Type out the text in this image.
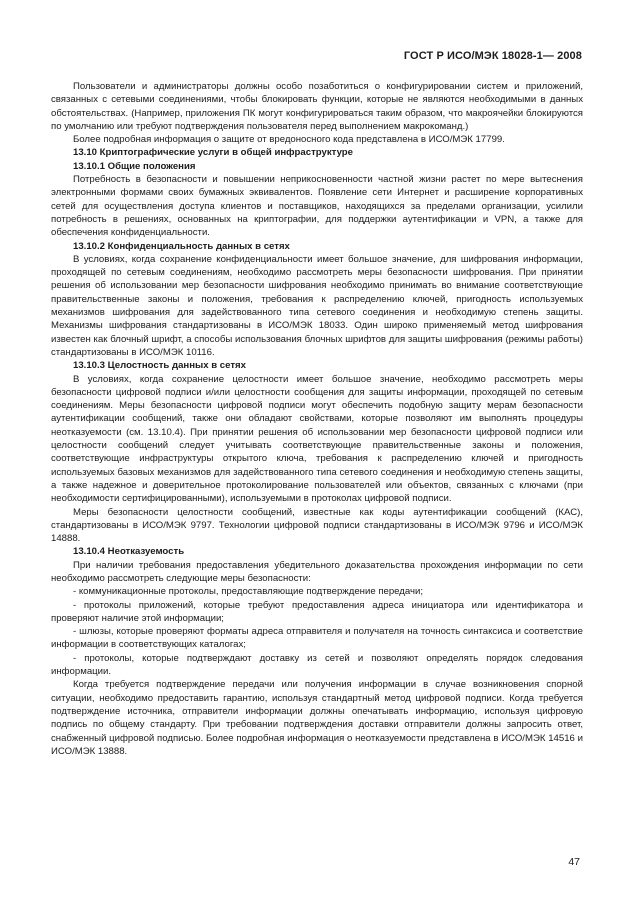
ГОСТ Р ИСО/МЭК 18028-1— 2008

Пользователи и администраторы должны особо позаботиться о конфигурировании систем и приложений, связанных с сетевыми соединениями, чтобы блокировать функции, которые не являются необходимыми в данных обстоятельствах. (Например, приложения ПК могут конфигурироваться таким образом, что макроячейки блокируются по умолчанию или требуют подтверждения пользователя перед выполнением макрокоманд.)

Более подробная информация о защите от вредоносного кода представлена в ИСО/МЭК 17799.

13.10 Криптографические услуги в общей инфраструктуре

13.10.1 Общие положения

Потребность в безопасности и повышении неприкосновенности частной жизни растет по мере вытеснения электронными формами своих бумажных эквивалентов. Появление сети Интернет и расширение корпоративных сетей для осуществления доступа клиентов и поставщиков, находящихся за пределами организации, усилили потребность в решениях, основанных на криптографии, для поддержки аутентификации и VPN, а также для обеспечения конфиденциальности.

13.10.2 Конфиденциальность данных в сетях

В условиях, когда сохранение конфиденциальности имеет большое значение, для шифрования информации, проходящей по сетевым соединениям, необходимо рассмотреть меры безопасности шифрования. При принятии решения об использовании мер безопасности шифрования необходимо принимать во внимание соответствующие правительственные законы и положения, требования к распределению ключей, пригодность используемых механизмов шифрования для задействованного типа сетевого соединения и необходимую степень защиты. Механизмы шифрования стандартизованы в ИСО/МЭК 18033. Один широко применяемый метод шифрования известен как блочный шрифт, а способы использования блочных шрифтов для защиты шифрования (режимы работы) стандартизованы в ИСО/МЭК 10116.

13.10.3 Целостность данных в сетях

В условиях, когда сохранение целостности имеет большое значение, необходимо рассмотреть меры безопасности цифровой подписи и/или целостности сообщения для защиты информации, проходящей по сетевым соединениям. Меры безопасности цифровой подписи могут обеспечить подобную защиту мерам безопасности аутентификации сообщений, также они обладают свойствами, которые позволяют им выполнять процедуры неотказуемости (см. 13.10.4). При принятии решения об использовании мер безопасности цифровой подписи или целостности сообщений следует учитывать соответствующие правительственные законы и положения, соответствующие инфраструктуры открытого ключа, требования к распределению ключей и пригодность используемых базовых механизмов для задействованного типа сетевого соединения и необходимую степень защиты, а также надежное и доверительное протоколирование пользователей или объектов, связанных с ключами (при необходимости сертифицированными), используемыми в протоколах цифровой подписи.

Меры безопасности целостности сообщений, известные как коды аутентификации сообщений (КАС), стандартизованы в ИСО/МЭК 9797. Технологии цифровой подписи стандартизованы в ИСО/МЭК 9796 и ИСО/МЭК 14888.

13.10.4 Неотказуемость

При наличии требования предоставления убедительного доказательства прохождения информации по сети необходимо рассмотреть следующие меры безопасности:

- коммуникационные протоколы, предоставляющие подтверждение передачи;

- протоколы приложений, которые требуют предоставления адреса инициатора или идентификатора и проверяют наличие этой информации;

- шлюзы, которые проверяют форматы адреса отправителя и получателя на точность синтаксиса и соответствие информации в соответствующих каталогах;

- протоколы, которые подтверждают доставку из сетей и позволяют определять порядок следования информации.

Когда требуется подтверждение передачи или получения информации в случае возникновения спорной ситуации, необходимо предоставить гарантию, используя стандартный метод цифровой подписи. Когда требуется подтверждение источника, отправители информации должны опечатывать информацию, используя цифровую подпись по общему стандарту. При требовании подтверждения доставки отправители должны запросить ответ, снабженный цифровой подписью. Более подробная информация о неотказуемости представлена в ИСО/МЭК 14516 и ИСО/МЭК 13888.

47
